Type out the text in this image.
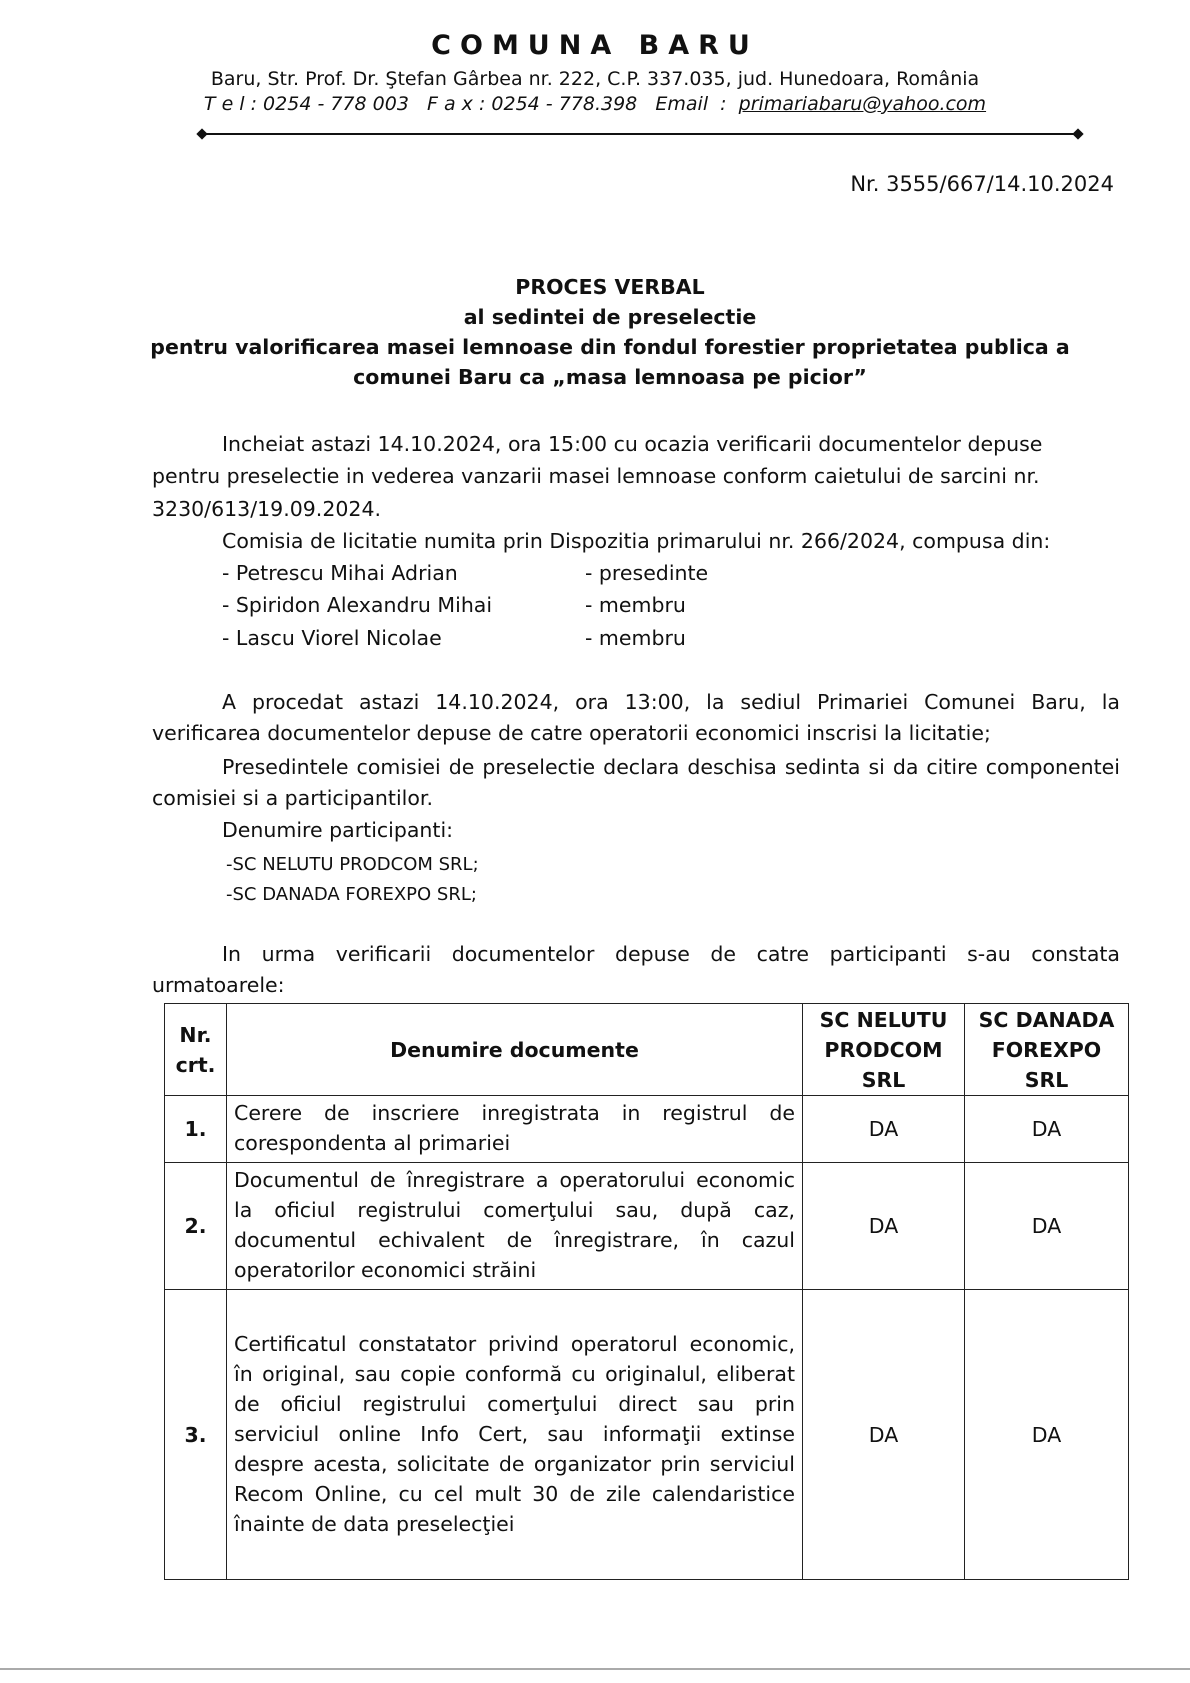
COMUNA BARU
Baru, Str. Prof. Dr. Ştefan Gârbea nr. 222, C.P. 337.035, jud. Hunedoara, România
T e l : 0254 - 778 003   F a x : 0254 - 778.398   Email  :  primariabaru@yahoo.com
Nr. 3555/667/14.10.2024
PROCES VERBAL
al sedintei de preselectie
pentru valorificarea masei lemnoase din fondul forestier proprietatea publica a
comunei Baru ca „masa lemnoasa pe picior”
Incheiat astazi 14.10.2024, ora 15:00 cu ocazia verificarii documentelor depuse
pentru preselectie in vederea vanzarii masei lemnoase conform caietului de sarcini nr.
3230/613/19.09.2024.
Comisia de licitatie numita prin Dispozitia primarului nr. 266/2024, compusa din:
- Petrescu Mihai Adrian	- presedinte
- Spiridon Alexandru Mihai	- membru
- Lascu Viorel Nicolae	- membru
A procedat astazi 14.10.2024, ora 13:00, la sediul Primariei Comunei Baru, la verificarea documentelor depuse de catre operatorii economici inscrisi la licitatie;
Presedintele comisiei de preselectie declara deschisa sedinta si da citire componentei comisiei si a participantilor.
Denumire participanti:
-SC NELUTU PRODCOM SRL;
-SC DANADA FOREXPO SRL;
In urma verificarii documentelor depuse de catre participanti s-au constata urmatoarele:
Nr. crt.	Denumire documente	SC NELUTU PRODCOM SRL	SC DANADA FOREXPO SRL
1.	Cerere de inscriere inregistrata in registrul de corespondenta al primariei	DA	DA
2.	Documentul de înregistrare a operatorului economic la oficiul registrului comerţului sau, după caz, documentul echivalent de înregistrare, în cazul operatorilor economici străini	DA	DA
3.	Certificatul constatator privind operatorul economic, în original, sau copie conformă cu originalul, eliberat de oficiul registrului comerţului direct sau prin serviciul online Info Cert, sau informaţii extinse despre acesta, solicitate de organizator prin serviciul Recom Online, cu cel mult 30 de zile calendaristice înainte de data preselecţiei	DA	DA
